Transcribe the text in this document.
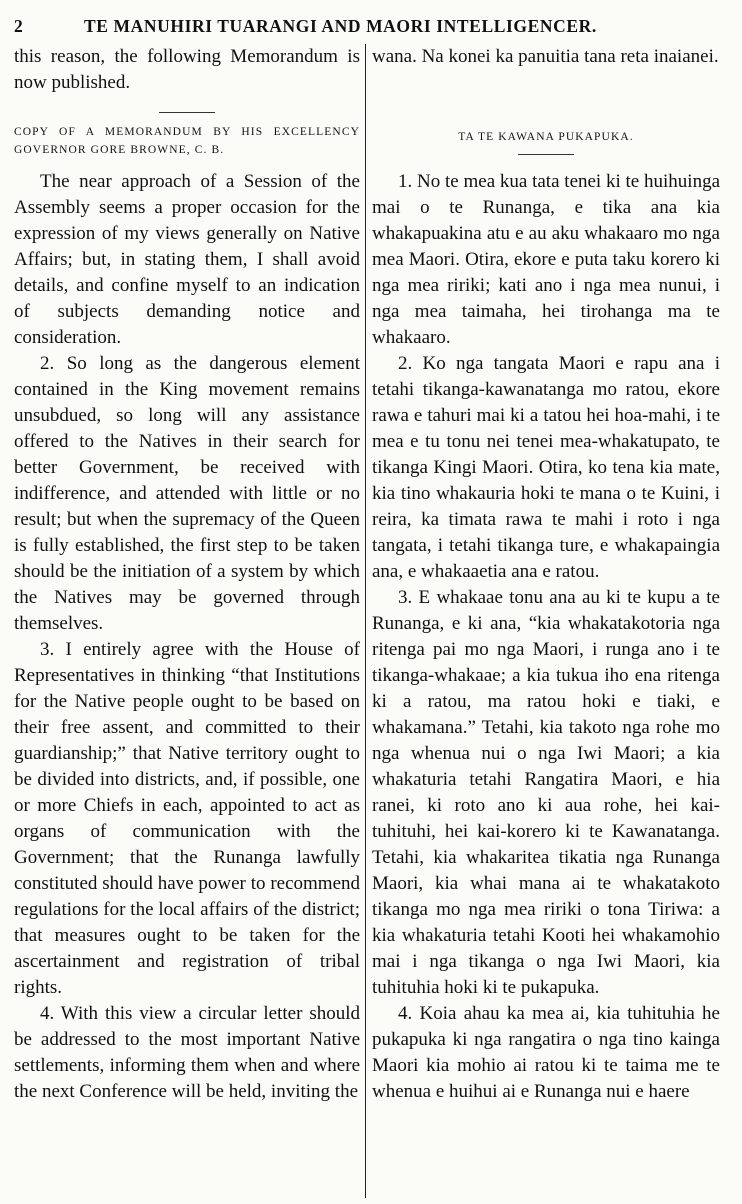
2	TE MANUHIRI TUARANGI AND MAORI INTELLIGENCER.

this reason, the following Memorandum is now published.

COPY OF A MEMORANDUM BY HIS EXCELLENCY GOVERNOR GORE BROWNE, C. B.

The near approach of a Session of the Assembly seems a proper occasion for the expression of my views generally on Native Affairs; but, in stating them, I shall avoid details, and confine myself to an indication of subjects demanding notice and consideration.

2. So long as the dangerous element contained in the King movement remains unsubdued, so long will any assistance offered to the Natives in their search for better Government, be received with indifference, and attended with little or no result; but when the supremacy of the Queen is fully established, the first step to be taken should be the initiation of a system by which the Natives may be governed through themselves.

3. I entirely agree with the House of Representatives in thinking “that Institutions for the Native people ought to be based on their free assent, and committed to their guardianship;” that Native territory ought to be divided into districts, and, if possible, one or more Chiefs in each, appointed to act as organs of communication with the Government; that the Runanga lawfully constituted should have power to recommend regulations for the local affairs of the district; that measures ought to be taken for the ascertainment and registration of tribal rights.

4. With this view a circular letter should be addressed to the most important Native settlements, informing them when and where the next Conference will be held, inviting the

wana. Na konei ka panuitia tana reta inaianei.

TA TE KAWANA PUKAPUKA.

1. No te mea kua tata tenei ki te huihuinga mai o te Runanga, e tika ana kia whakapuakina atu e au aku whakaaro mo nga mea Maori. Otira, ekore e puta taku korero ki nga mea ririki; kati ano i nga mea nunui, i nga mea taimaha, hei tirohanga ma te whakaaro.

2. Ko nga tangata Maori e rapu ana i tetahi tikanga-kawanatanga mo ratou, ekore rawa e tahuri mai ki a tatou hei hoa-mahi, i te mea e tu tonu nei tenei mea-whakatupato, te tikanga Kingi Maori. Otira, ko tena kia mate, kia tino whakauria hoki te mana o te Kuini, i reira, ka timata rawa te mahi i roto i nga tangata, i tetahi tikanga ture, e whakapaingia ana, e whakaaetia ana e ratou.

3. E whakaae tonu ana au ki te kupu a te Runanga, e ki ana, “kia whakatakotoria nga ritenga pai mo nga Maori, i runga ano i te tikanga-whakaae; a kia tukua iho ena ritenga ki a ratou, ma ratou hoki e tiaki, e whakamana.” Tetahi, kia takoto nga rohe mo nga whenua nui o nga Iwi Maori; a kia whakaturia tetahi Rangatira Maori, e hia ranei, ki roto ano ki aua rohe, hei kai-tuhituhi, hei kai-korero ki te Kawanatanga. Tetahi, kia whakaritea tikatia nga Runanga Maori, kia whai mana ai te whakatakoto tikanga mo nga mea ririki o tona Tiriwa: a kia whakaturia tetahi Kooti hei whakamohio mai i nga tikanga o nga Iwi Maori, kia tuhituhia hoki ki te pukapuka.

4. Koia ahau ka mea ai, kia tuhituhia he pukapuka ki nga rangatira o nga tino kainga Maori kia mohio ai ratou ki te taima me te whenua e huihui ai e Runanga nui e haere
